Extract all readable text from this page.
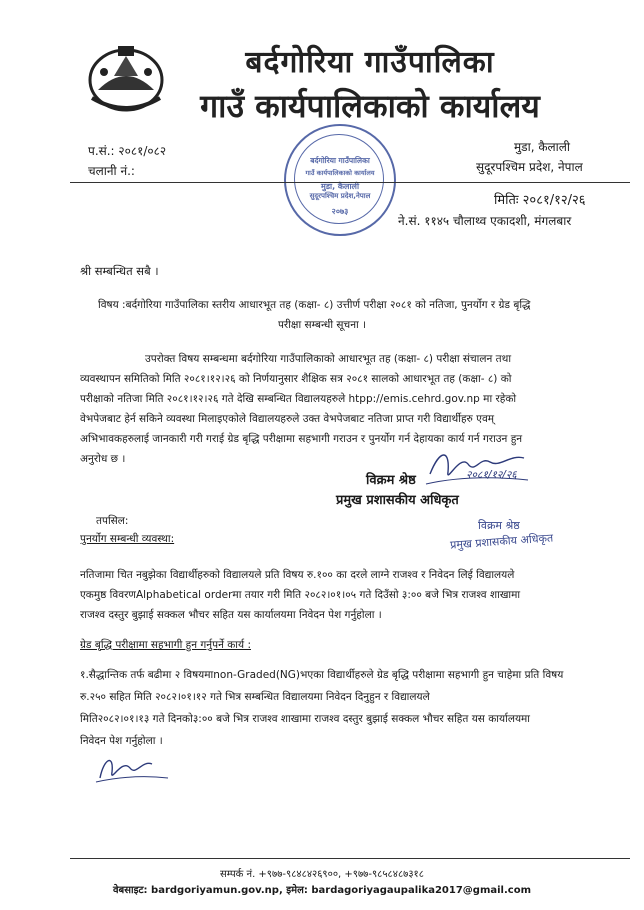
बर्दगोरिया गाउँपालिका
गाउँ कार्यपालिकाको कार्यालय
प.सं.: २०८१/०८२
चलानी नं.:
मुडा, कैलाली
सुदूरपश्चिम प्रदेश, नेपाल
बर्दगोरिया गाउँपालिका
गाउँ कार्यपालिकाको कार्यालय
मुडा, कैलाली
सुदूरपश्चिम प्रदेश,नेपाल
२०७३
मितिः २०८१/१२/२६
ने.सं. ११४५ चौलाथ्व एकादशी, मंगलबार
श्री सम्बन्धित सबै ।
विषय :बर्दगोरिया गाउँपालिका स्तरीय आधारभूत तह (कक्षा- ८) उत्तीर्ण परीक्षा २०८१ को नतिजा, पुनर्योग र ग्रेड बृद्धि
परीक्षा सम्बन्धी सूचना ।
उपरोक्त विषय सम्बन्धमा बर्दगोरिया गाउँपालिकाको आधारभूत तह (कक्षा- ८) परीक्षा संचालन तथा
व्यवस्थापन समितिको मिति २०८१।१२।२६ को निर्णयानुसार शैक्षिक सत्र २०८१ सालको आधारभूत तह (कक्षा- ८) को
परीक्षाको नतिजा मिति २०८१।१२।२६ गते देखि सम्बन्धित विद्यालयहरुले htpp://emis.cehrd.gov.np मा रहेको
वेभपेजबाट हेर्न सकिने व्यवस्था मिलाइएकोले विद्यालयहरुले उक्त वेभपेजबाट नतिजा प्राप्त गरी विद्यार्थीहरु एवम्
अभिभावकहरुलाई जानकारी गरी गराई ग्रेड बृद्धि परीक्षामा सहभागी गराउन र पुनर्योग गर्न देहायका कार्य गर्न गराउन हुन
अनुरोध छ ।
२०८१/१२/२६
विक्रम श्रेष्ठ
प्रमुख प्रशासकीय अधिकृत
विक्रम श्रेष्ठ
प्रमुख प्रशासकीय अधिकृत
तपसिल:
पुनर्योग सम्बन्धी व्यवस्था:
नतिजामा चित नबुझेका विद्यार्थीहरुको विद्यालयले प्रति विषय रु.१०० का दरले लाग्ने राजश्व र निवेदन लिई विद्यालयले
एकमुष्ठ विवरणAlphabetical orderमा तयार गरी मिति २०८२।०१।०५ गते दिउँसो ३:०० बजे भित्र राजश्व शाखामा
राजश्व दस्तुर बुझाई सक्कल भौचर सहित यस कार्यालयमा निवेदन पेश गर्नुहोला ।
ग्रेड बृद्धि परीक्षामा सहभागी हुन गर्नुपर्ने कार्य :
१.सैद्धान्तिक तर्फ बढीमा २ विषयमाnon-Graded(NG)भएका विद्यार्थीहरुले ग्रेड बृद्धि परीक्षामा सहभागी हुन चाहेमा प्रति विषय
रु.२५० सहित मिति २०८२।०१।१२ गते भित्र सम्बन्धित विद्यालयमा निवेदन दिनुहुन र विद्यालयले
मिति२०८२।०१।१३ गते दिनको३:०० बजे भित्र राजश्व शाखामा राजश्व दस्तुर बुझाई सक्कल भौचर सहित यस कार्यालयमा
निवेदन पेश गर्नुहोला ।
सम्पर्क नं. +९७७-९८४८४२६९००, +९७७-९८५८४८७३१८
वेबसाइट: bardgoriyamun.gov.np, इमेल: bardagoriyagaupalika2017@gmail.com
